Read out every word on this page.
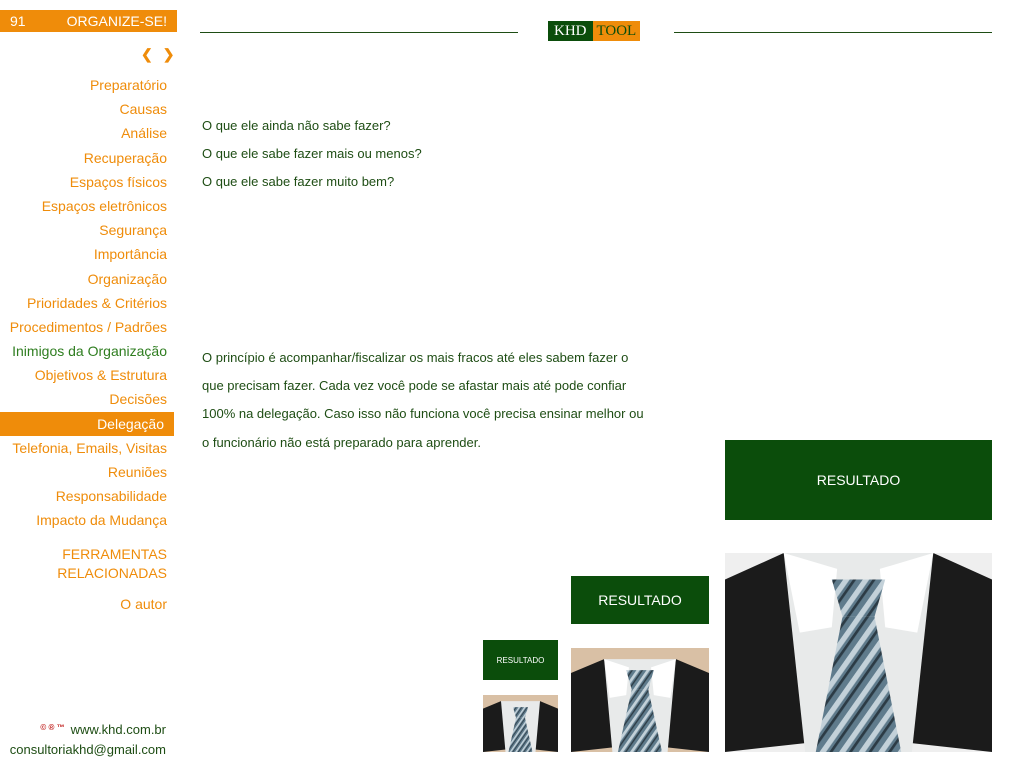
91	ORGANIZE-SE!
❮ ❯
Preparatório
Causas
Análise
Recuperação
Espaços físicos
Espaços eletrônicos
Segurança
Importância
Organização
Prioridades & Critérios
Procedimentos / Padrões
Inimigos da Organização
Objetivos & Estrutura
Decisões
Delegação
Telefonia, Emails, Visitas
Reuniões
Responsabilidade
Impacto da Mudança
FERRAMENTAS
RELACIONADAS
O autor
© ® ™ www.khd.com.br
consultoriakhd@gmail.com
KHD TOOL
O que ele ainda não sabe fazer?
O que ele sabe fazer mais ou menos?
O que ele sabe fazer muito bem?
O princípio é acompanhar/fiscalizar os mais fracos até eles sabem fazer o que precisam fazer. Cada vez você pode se afastar mais até pode confiar 100% na delegação. Caso isso não funciona você precisa ensinar melhor ou o funcionário não está preparado para aprender.
RESULTADO
RESULTADO
RESULTADO
